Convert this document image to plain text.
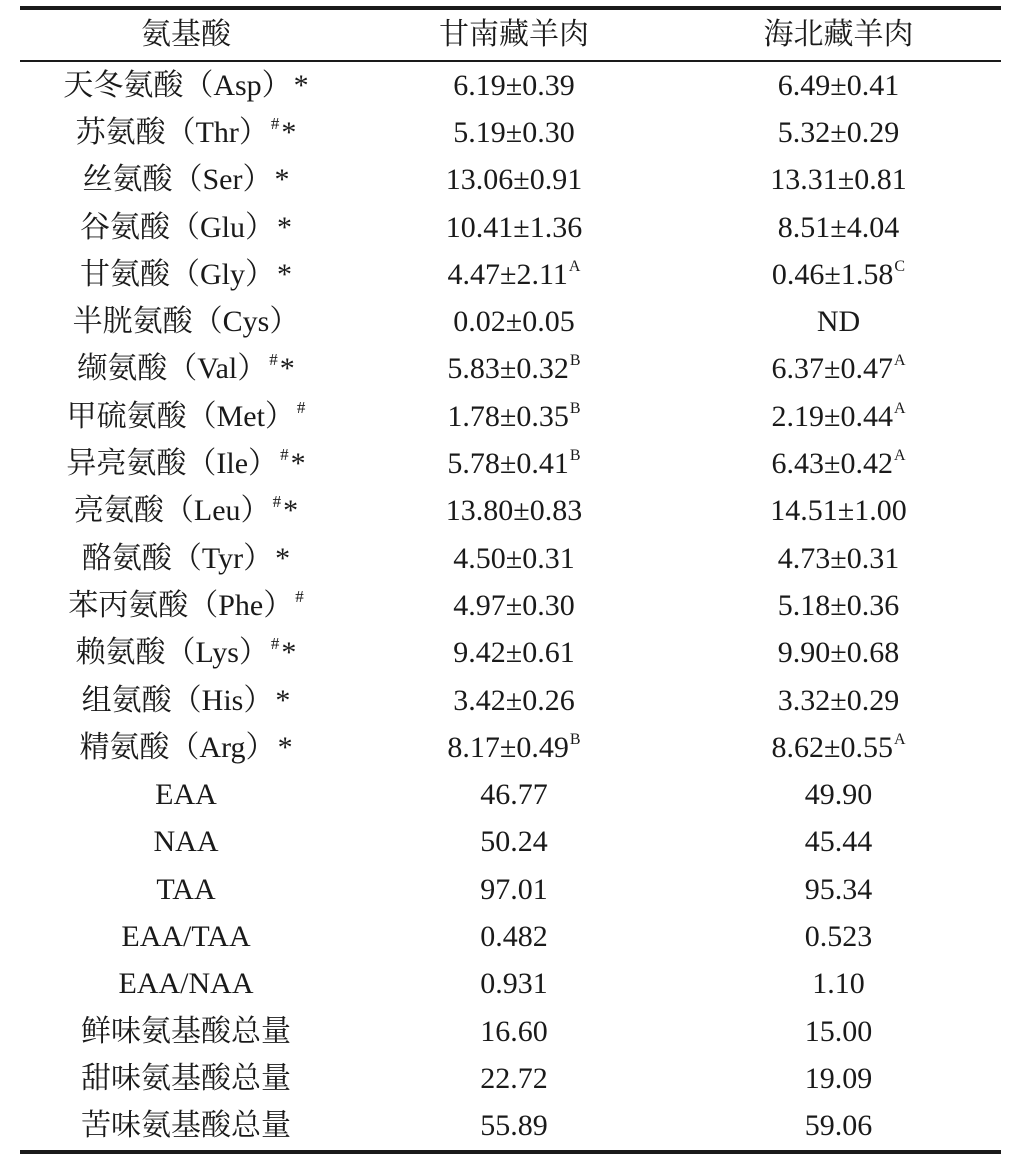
氨基酸	甘南藏羊肉	海北藏羊肉
天冬氨酸（Asp）*	6.19±0.39	6.49±0.41
苏氨酸（Thr） #*	5.19±0.30	5.32±0.29
丝氨酸（Ser）*	13.06±0.91	13.31±0.81
谷氨酸（Glu）*	10.41±1.36	8.51±4.04
甘氨酸（Gly）*	$4.47\pm 2.11^A$	$0.46\pm 1.58^C$
半胱氨酸（Cys）	0.02±0.05	ND
缬氨酸（Val） #*	$5.83\pm 0.32^B$	$6.37\pm 0.47^A$
甲硫氨酸（Met） #	$1.78\pm 0.35^B$	$2.19\pm 0.44^A$
异亮氨酸（Ile） #*	$5.78\pm 0.41^B$	$6.43\pm 0.42^A$
亮氨酸（Leu） #*	13.80±0.83	14.51±1.00
酪氨酸（Tyr）*	4.50±0.31	4.73±0.31
苯丙氨酸（Phe） #	4.97±0.30	5.18±0.36
赖氨酸（Lys） #*	9.42±0.61	9.90±0.68
组氨酸（His）*	3.42±0.26	3.32±0.29
精氨酸（Arg）*	$8.17\pm 0.49^B$	$8.62\pm 0.55^A$
EAA	46.77	49.90
NAA	50.24	45.44
TAA	97.01	95.34
EAA/TAA	0.482	0.523
EAA/NAA	0.931	1.10
鲜味氨基酸总量	16.60	15.00
甜味氨基酸总量	22.72	19.09
苦味氨基酸总量	55.89	59.06
